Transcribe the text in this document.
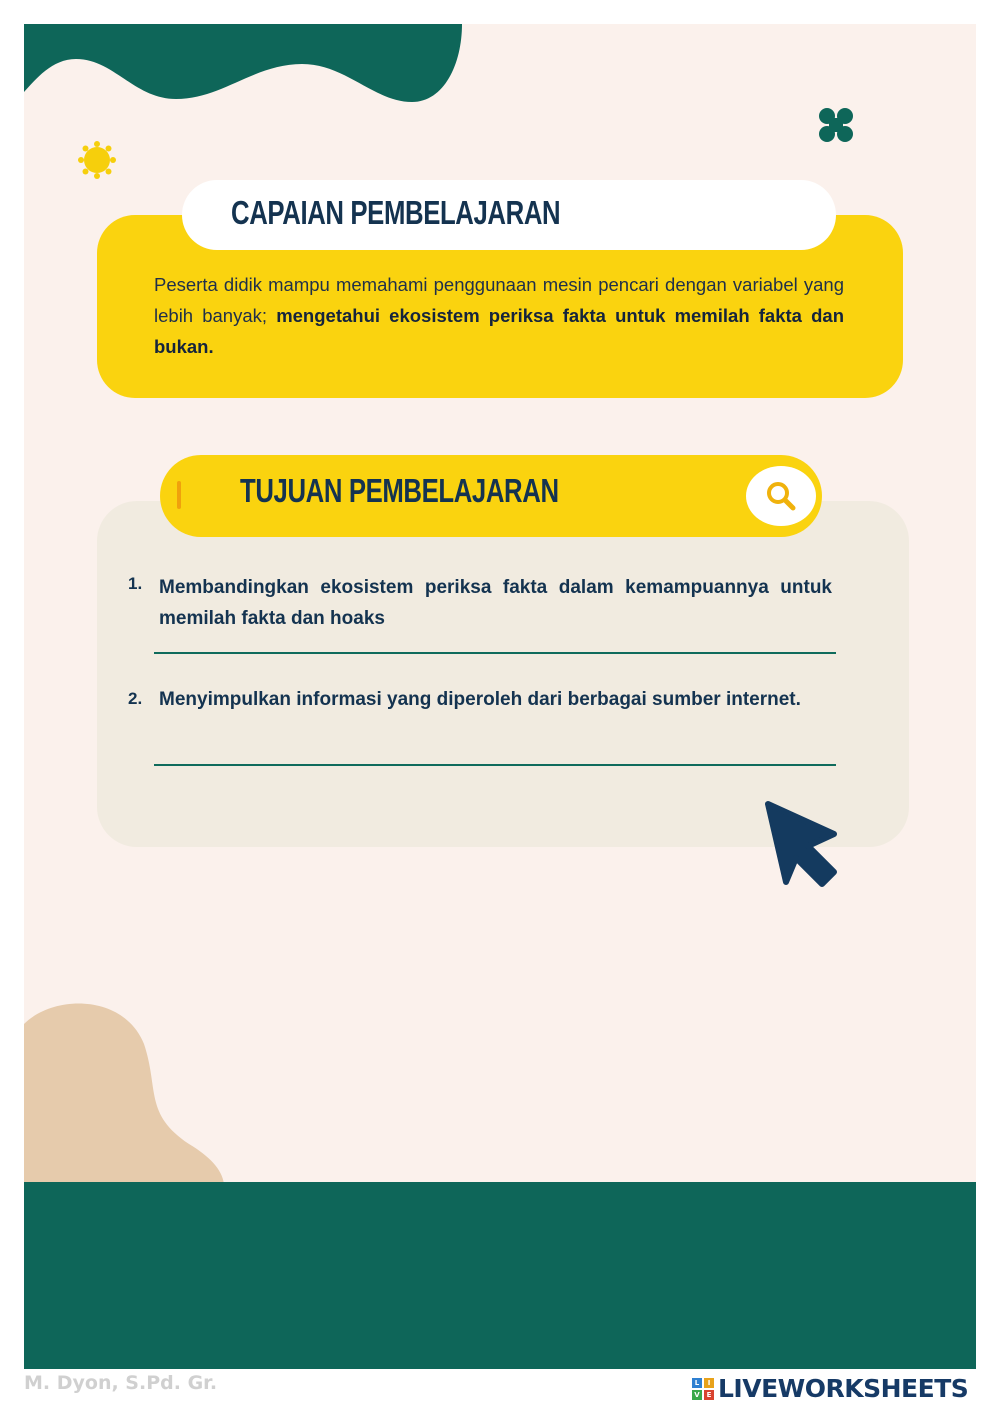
CAPAIAN PEMBELAJARAN
Peserta didik mampu memahami penggunaan mesin pencari dengan variabel yang lebih banyak; mengetahui ekosistem periksa fakta untuk memilah fakta dan bukan.
TUJUAN PEMBELAJARAN
1. Membandingkan ekosistem periksa fakta dalam kemampuannya untuk memilah fakta dan hoaks
2. Menyimpulkan informasi yang diperoleh dari berbagai sumber internet.
M. Dyon, S.Pd. Gr.	L	I
V E LIVEWORKSHEETS
